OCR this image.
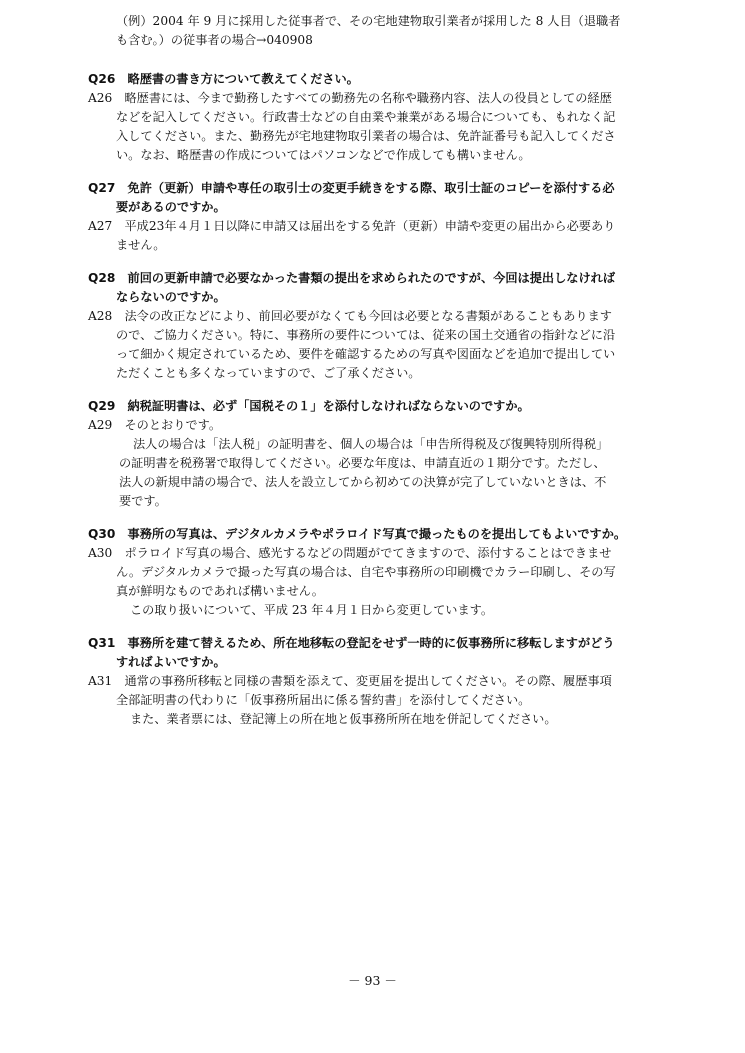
（例）2004 年 9 月に採用した従事者で、その宅地建物取引業者が採用した 8 人目（退職者
も含む。）の従事者の場合→040908
Q26　略歴書の書き方について教えてください。
A26　略歴書には、今まで勤務したすべての勤務先の名称や職務内容、法人の役員としての経歴
などを記入してください。行政書士などの自由業や兼業がある場合についても、もれなく記
入してください。また、勤務先が宅地建物取引業者の場合は、免許証番号も記入してくださ
い。なお、略歴書の作成についてはパソコンなどで作成しても構いません。
Q27　免許（更新）申請や専任の取引士の変更手続きをする際、取引士証のコピーを添付する必
要があるのですか。
A27　平成23年４月１日以降に申請又は届出をする免許（更新）申請や変更の届出から必要あり
ません。
Q28　前回の更新申請で必要なかった書類の提出を求められたのですが、今回は提出しなければ
ならないのですか。
A28　法令の改正などにより、前回必要がなくても今回は必要となる書類があることもあります
ので、ご協力ください。特に、事務所の要件については、従来の国土交通省の指針などに沿
って細かく規定されているため、要件を確認するための写真や図面などを追加で提出してい
ただくことも多くなっていますので、ご了承ください。
Q29　納税証明書は、必ず「国税その１」を添付しなければならないのですか。
A29　そのとおりです。
法人の場合は「法人税」の証明書を、個人の場合は「申告所得税及び復興特別所得税」
の証明書を税務署で取得してください。必要な年度は、申請直近の１期分です。ただし、
法人の新規申請の場合で、法人を設立してから初めての決算が完了していないときは、不
要です。
Q30　事務所の写真は、デジタルカメラやポラロイド写真で撮ったものを提出してもよいですか。
A30　ポラロイド写真の場合、感光するなどの問題がでてきますので、添付することはできませ
ん。デジタルカメラで撮った写真の場合は、自宅や事務所の印刷機でカラー印刷し、その写
真が鮮明なものであれば構いません。
この取り扱いについて、平成 23 年４月１日から変更しています。
Q31　事務所を建て替えるため、所在地移転の登記をせず一時的に仮事務所に移転しますがどう
すればよいですか。
A31　通常の事務所移転と同様の書類を添えて、変更届を提出してください。その際、履歴事項
全部証明書の代わりに「仮事務所届出に係る誓約書」を添付してください。
また、業者票には、登記簿上の所在地と仮事務所所在地を併記してください。
－ 93 －
